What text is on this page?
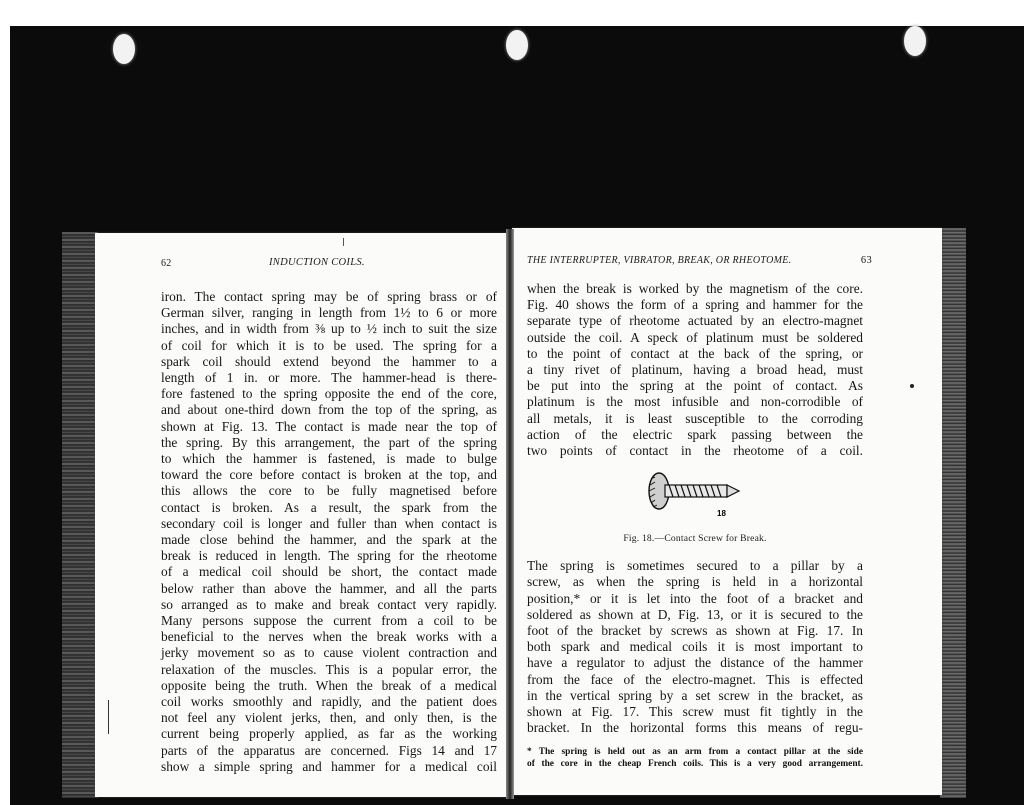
62	INDUCTION COILS.
iron. The contact spring may be of spring brass or of
German silver, ranging in length from 1½ to 6 or more
inches, and in width from ⅜ up to ½ inch to suit the size
of coil for which it is to be used. The spring for a
spark coil should extend beyond the hammer to a
length of 1 in. or more. The hammer-head is there-
fore fastened to the spring opposite the end of the core,
and about one-third down from the top of the spring, as
shown at Fig. 13. The contact is made near the top of
the spring. By this arrangement, the part of the spring
to which the hammer is fastened, is made to bulge
toward the core before contact is broken at the top, and
this allows the core to be fully magnetised before
contact is broken. As a result, the spark from the
secondary coil is longer and fuller than when contact is
made close behind the hammer, and the spark at the
break is reduced in length. The spring for the rheotome
of a medical coil should be short, the contact made
below rather than above the hammer, and all the parts
so arranged as to make and break contact very rapidly.
Many persons suppose the current from a coil to be
beneficial to the nerves when the break works with a
jerky movement so as to cause violent contraction and
relaxation of the muscles. This is a popular error, the
opposite being the truth. When the break of a medical
coil works smoothly and rapidly, and the patient does
not feel any violent jerks, then, and only then, is the
current being properly applied, as far as the working
parts of the apparatus are concerned. Figs 14 and 17
show a simple spring and hammer for a medical coil
THE INTERRUPTER, VIBRATOR, BREAK, OR RHEOTOME.	63
when the break is worked by the magnetism of the core.
Fig. 40 shows the form of a spring and hammer for the
separate type of rheotome actuated by an electro-magnet
outside the coil. A speck of platinum must be soldered
to the point of contact at the back of the spring, or
a tiny rivet of platinum, having a broad head, must
be put into the spring at the point of contact. As
platinum is the most infusible and non-corrodible of
all metals, it is least susceptible to the corroding
action of the electric spark passing between the
two points of contact in the rheotome of a coil.
18
Fig. 18.—Contact Screw for Break.
The spring is sometimes secured to a pillar by a
screw, as when the spring is held in a horizontal
position,* or it is let into the foot of a bracket and
soldered as shown at D, Fig. 13, or it is secured to the
foot of the bracket by screws as shown at Fig. 17. In
both spark and medical coils it is most important to
have a regulator to adjust the distance of the hammer
from the face of the electro-magnet. This is effected
in the vertical spring by a set screw in the bracket, as
shown at Fig. 17. This screw must fit tightly in the
bracket. In the horizontal forms this means of regu-
* The spring is held out as an arm from a contact pillar at the side
of the core in the cheap French coils. This is a very good arrangement.
